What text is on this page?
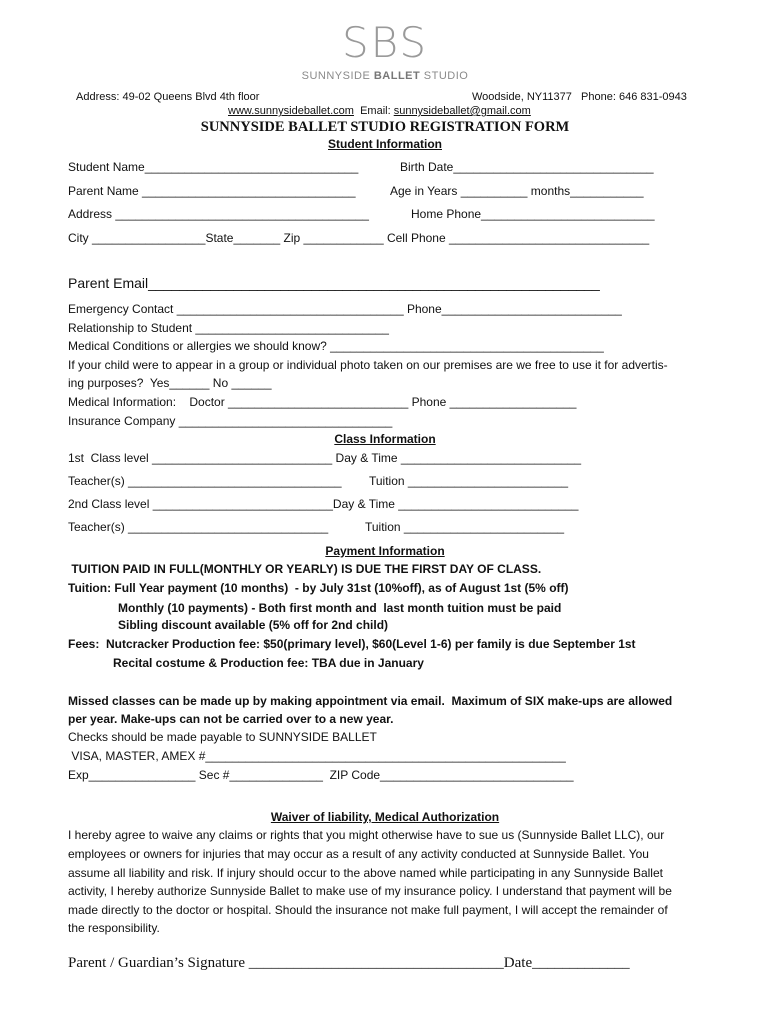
SBS
SUNNYSIDE BALLET STUDIO
Address: 49-02 Queens Blvd 4th floor	Woodside, NY11377   Phone: 646 831-0943
www.sunnysideballet.com Email: sunnysideballet@gmail.com
SUNNYSIDE BALLET STUDIO REGISTRATION FORM
Student Information
Student Name________________________________	Birth Date______________________________
Parent Name ________________________________	Age in Years __________ months___________
Address ______________________________________	Home Phone__________________________
City _________________State_______ Zip ____________ Cell Phone ______________________________
Parent Email__________________________________________________________
Emergency Contact __________________________________ Phone___________________________
Relationship to Student _____________________________
Medical Conditions or allergies we should know? _________________________________________
If your child were to appear in a group or individual photo taken on our premises are we free to use it for advertis-
ing purposes?  Yes______ No ______
Medical Information:    Doctor ___________________________ Phone ___________________
Insurance Company ________________________________
Class Information
1st  Class level ___________________________ Day & Time ___________________________
Teacher(s) ________________________________ Tuition ________________________
2nd Class level ___________________________Day & Time ___________________________
Teacher(s) ______________________________	Tuition ________________________
Payment Information
TUITION PAID IN FULL(MONTHLY OR YEARLY) IS DUE THE FIRST DAY OF CLASS.
Tuition: Full Year payment (10 months)  - by July 31st (10%off), as of August 1st (5% off)
Monthly (10 payments) - Both first month and  last month tuition must be paid
Sibling discount available (5% off for 2nd child)
Fees:  Nutcracker Production fee: $50(primary level), $60(Level 1-6) per family is due September 1st
Recital costume & Production fee: TBA due in January
Missed classes can be made up by making appointment via email.  Maximum of SIX make-ups are allowed
per year. Make-ups can not be carried over to a new year.
Checks should be made payable to SUNNYSIDE BALLET
VISA, MASTER, AMEX #______________________________________________________
Exp________________ Sec #______________  ZIP Code_____________________________
Waiver of liability, Medical Authorization
I hereby agree to waive any claims or rights that you might otherwise have to sue us (Sunnyside Ballet LLC), our
employees or owners for injuries that may occur as a result of any activity conducted at Sunnyside Ballet. You
assume all liability and risk. If injury should occur to the above named while participating in any Sunnyside Ballet
activity, I hereby authorize Sunnyside Ballet to make use of my insurance policy. I understand that payment will be
made directly to the doctor or hospital. Should the insurance not make full payment, I will accept the remainder of
the responsibility.
Parent / Guardian’s Signature __________________________________Date_____________
